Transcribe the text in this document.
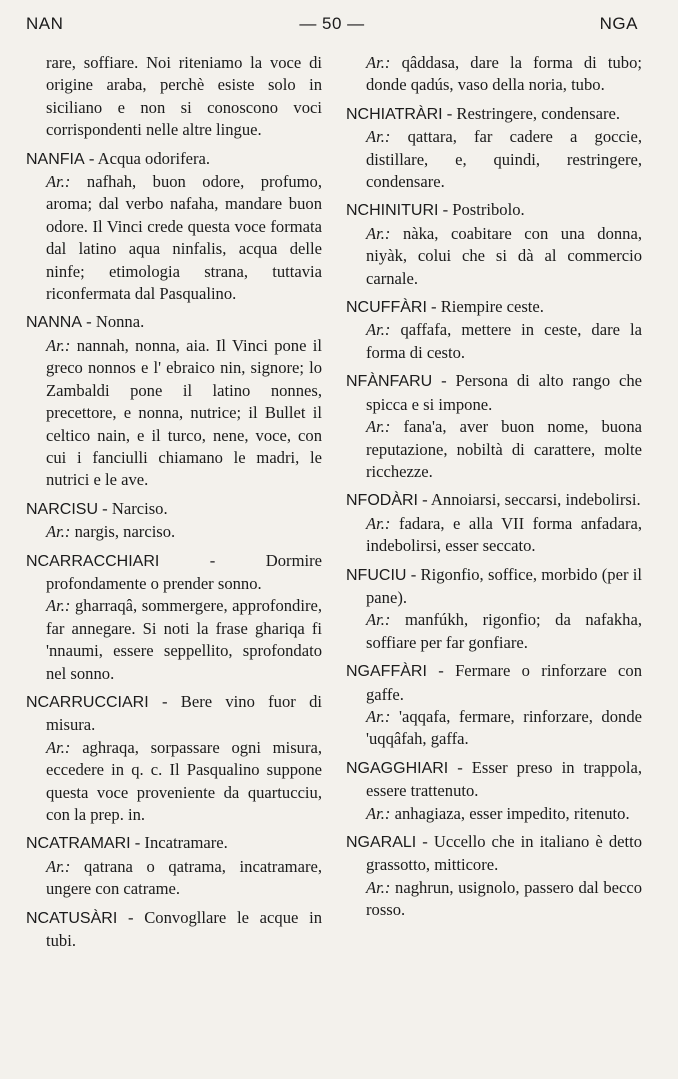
NAN	— 50 —	NGA

rare, soffiare. Noi riteniamo la voce di origine araba, perchè esiste solo in siciliano e non si conoscono voci corrispondenti nelle altre lingue.

NANFIA - Acqua odorifera.

Ar.: nafhah, buon odore, profumo, aroma; dal verbo nafaha, mandare buon odore. Il Vinci crede questa voce formata dal latino aqua ninfalis, acqua delle ninfe; etimologia strana, tuttavia riconfermata dal Pasqualino.

NANNA - Nonna.

Ar.: nannah, nonna, aia. Il Vinci pone il greco nonnos e l' ebraico nin, signore; lo Zambaldi pone il latino nonnes, precettore, e nonna, nutrice; il Bullet il celtico nain, e il turco, nene, voce, con cui i fanciulli chiamano le madri, le nutrici e le ave.

NARCISU - Narciso.

Ar.: nargis, narciso.

NCARRACCHIARI - Dormire profondamente o prender sonno.

Ar.: gharraqâ, sommergere, approfondire, far annegare. Si noti la frase ghariqa fi 'nnaumi, essere seppellito, sprofondato nel sonno.

NCARRUCCIARI - Bere vino fuor di misura.

Ar.: aghraqa, sorpassare ogni misura, eccedere in q. c. Il Pasqualino suppone questa voce proveniente da quartucciu, con la prep. in.

NCATRAMARI - Incatramare.

Ar.: qatrana o qatrama, incatramare, ungere con catrame.

NCATUSÀRI - Convogllare le acque in tubi.

Ar.: qâddasa, dare la forma di tubo; donde qadús, vaso della noria, tubo.

NCHIATRÀRI - Restringere, condensare.

Ar.: qattara, far cadere a goccie, distillare, e, quindi, restringere, condensare.

NCHINITURI - Postribolo.

Ar.: nàka, coabitare con una donna, niyàk, colui che si dà al commercio carnale.

NCUFFÀRI - Riempire ceste.

Ar.: qaffafa, mettere in ceste, dare la forma di cesto.

NFÀNFARU - Persona di alto rango che spicca e si impone.

Ar.: fana'a, aver buon nome, buona reputazione, nobiltà di carattere, molte ricchezze.

NFODÀRI - Annoiarsi, seccarsi, indebolirsi.

Ar.: fadara, e alla VII forma anfadara, indebolirsi, esser seccato.

NFUCIU - Rigonfio, soffice, morbido (per il pane).

Ar.: manfúkh, rigonfio; da nafakha, soffiare per far gonfiare.

NGAFFÀRI - Fermare o rinforzare con gaffe.

Ar.: 'aqqafa, fermare, rinforzare, donde 'uqqâfah, gaffa.

NGAGGHIARI - Esser preso in trappola, essere trattenuto.

Ar.: anhagiaza, esser impedito, ritenuto.

NGARALI - Uccello che in italiano è detto grassotto, mitticore.

Ar.: naghrun, usignolo, passero dal becco rosso.
